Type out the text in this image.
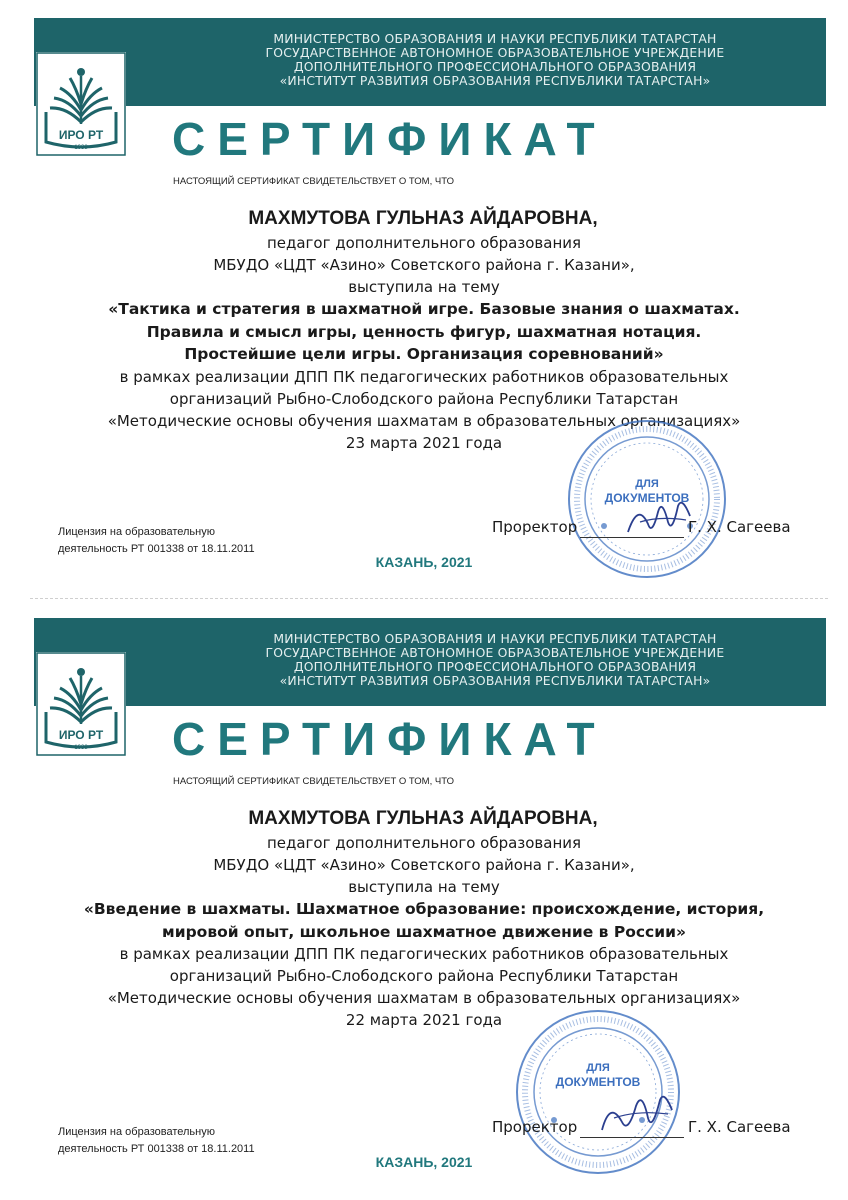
МИНИСТЕРСТВО ОБРАЗОВАНИЯ И НАУКИ РЕСПУБЛИКИ ТАТАРСТАН
ГОСУДАРСТВЕННОЕ АВТОНОМНОЕ ОБРАЗОВАТЕЛЬНОЕ УЧРЕЖДЕНИЕ
ДОПОЛНИТЕЛЬНОГО ПРОФЕССИОНАЛЬНОГО ОБРАЗОВАНИЯ
«ИНСТИТУТ РАЗВИТИЯ ОБРАЗОВАНИЯ РЕСПУБЛИКИ ТАТАРСТАН»
ИРО РТ
1938	СЕРТИФИКАТ
НАСТОЯЩИЙ СЕРТИФИКАТ СВИДЕТЕЛЬСТВУЕТ О ТОМ, ЧТО
МАХМУТОВА ГУЛЬНАЗ АЙДАРОВНА,
педагог дополнительного образования
МБУДО «ЦДТ «Азино» Советского района г. Казани»,
выступила на тему
«Тактика и стратегия в шахматной игре. Базовые знания о шахматах.
Правила и смысл игры, ценность фигур, шахматная нотация.
Простейшие цели игры. Организация соревнований»
в рамках реализации ДПП ПК педагогических работников образовательных
организаций Рыбно-Слободского района Республики Татарстан
«Методические основы обучения шахматам в образовательных организациях»
23 марта 2021 года
Лицензия на образовательную
деятельность РТ 001338 от 18.11.2011
ДЛЯ
ДОКУМЕНТОВ
Проректор	Г. Х. Сагеева
КАЗАНЬ, 2021
МИНИСТЕРСТВО ОБРАЗОВАНИЯ И НАУКИ РЕСПУБЛИКИ ТАТАРСТАН
ГОСУДАРСТВЕННОЕ АВТОНОМНОЕ ОБРАЗОВАТЕЛЬНОЕ УЧРЕЖДЕНИЕ
ДОПОЛНИТЕЛЬНОГО ПРОФЕССИОНАЛЬНОГО ОБРАЗОВАНИЯ
«ИНСТИТУТ РАЗВИТИЯ ОБРАЗОВАНИЯ РЕСПУБЛИКИ ТАТАРСТАН»
ИРО РТ
1938	СЕРТИФИКАТ
НАСТОЯЩИЙ СЕРТИФИКАТ СВИДЕТЕЛЬСТВУЕТ О ТОМ, ЧТО
МАХМУТОВА ГУЛЬНАЗ АЙДАРОВНА,
педагог дополнительного образования
МБУДО «ЦДТ «Азино» Советского района г. Казани»,
выступила на тему
«Введение в шахматы. Шахматное образование: происхождение, история,
мировой опыт, школьное шахматное движение в России»
в рамках реализации ДПП ПК педагогических работников образовательных
организаций Рыбно-Слободского района Республики Татарстан
«Методические основы обучения шахматам в образовательных организациях»
22 марта 2021 года
Лицензия на образовательную
деятельность РТ 001338 от 18.11.2011
ДЛЯ
ДОКУМЕНТОВ
Проректор	Г. Х. Сагеева
КАЗАНЬ, 2021
